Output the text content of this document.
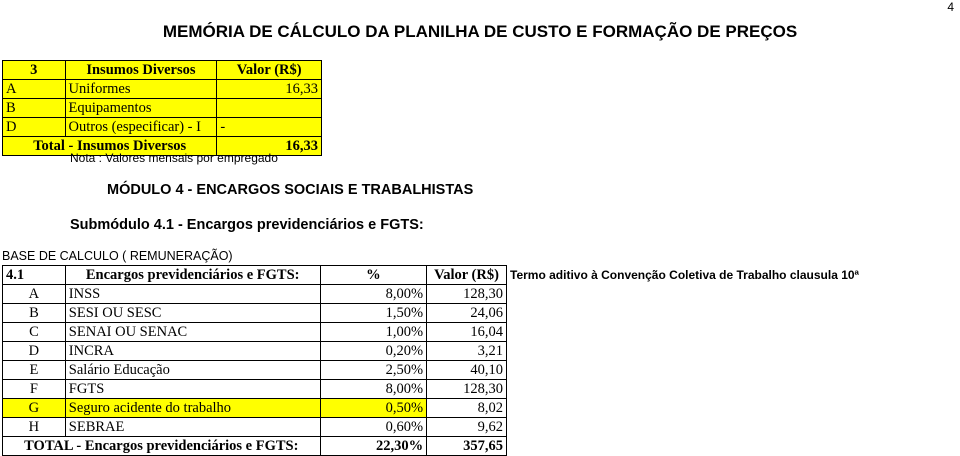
4
MEMÓRIA DE CÁLCULO DA PLANILHA DE CUSTO E FORMAÇÃO DE PREÇOS
3	Insumos Diversos	Valor (R$)
A	Uniformes	16,33
B	Equipamentos	
D	Outros (especificar) - I	-
Total - Insumos Diversos		16,33
Nota : Valores mensais por empregado
MÓDULO 4 - ENCARGOS SOCIAIS E TRABALHISTAS
Submódulo 4.1 - Encargos previdenciários e FGTS:
BASE DE CALCULO ( REMUNERAÇÃO)
4.1	Encargos previdenciários e FGTS:	%	Valor (R$)
A	INSS	8,00%	128,30
B	SESI OU SESC	1,50%	24,06
C	SENAI OU SENAC	1,00%	16,04
D	INCRA	0,20%	3,21
E	Salário Educação	2,50%	40,10
F	FGTS	8,00%	128,30
G	Seguro acidente do trabalho	0,50%	8,02
H	SEBRAE	0,60%	9,62
TOTAL - Encargos previdenciários e FGTS:		22,30%	357,65
Termo aditivo à Convenção Coletiva de Trabalho clausula 10ª
